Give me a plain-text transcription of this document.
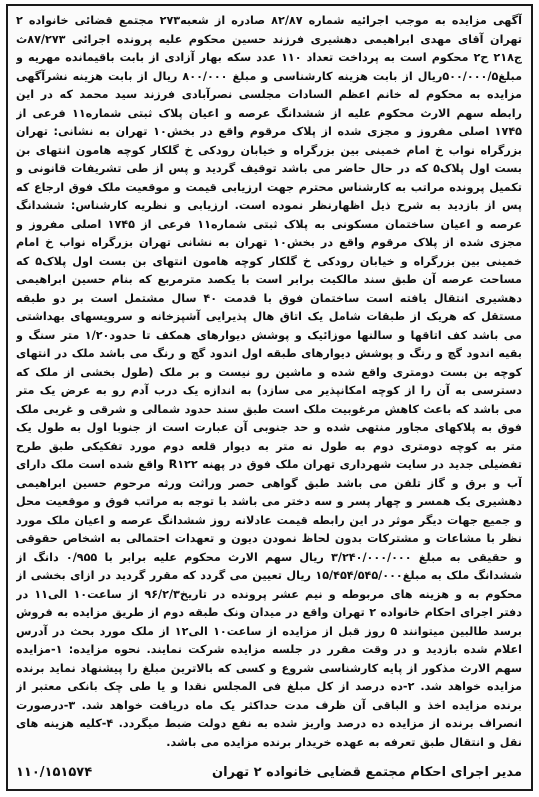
آگهی مزایده به موجب اجرائیه شماره ۸۲/۸۷ صادره از شعبه۲۷۳ مجتمع قضائی خانواده ۲ تهران آقای مهدی ابراهیمی دهشیری فرزند حسین محکوم علیه پرونده اجرائی ۸۷/۲۷۳ث ج۲۱۸ ح۲ محکوم است به پرداخت تعداد ۱۱۰ عدد سکه بهار آزادی از بابت باقیمانده مهریه و مبلغ۵۰۰/۰۰۰/۵ریال از بابت هزینه کارشناسی و مبلغ ۸۰۰/۰۰۰ ریال از بابت هزینه نشرآگهی مزایده به محکوم له خانم اعظم السادات مجلسی نصرآبادی فرزند سید محمد که در این رابطه سهم الارث محکوم علیه از ششدانگ عرصه و اعیان پلاک ثبتی شماره۱۱ فرعی از ۱۷۴۵ اصلی مفروز و مجزی شده از پلاک مرقوم واقع در بخش۱۰ تهران به نشانی: تهران بزرگراه نواب خ امام خمینی بین بزرگراه و خیابان رودکی خ گلکار کوچه هامون انتهای بن بست اول پلاک۵ که در حال حاضر می باشد توقیف گردید و پس از طی تشریفات قانونی و تکمیل پرونده مراتب به کارشناس محترم جهت ارزیابی قیمت و موقعیت ملک فوق ارجاع که پس از بازدید به شرح ذیل اظهارنظر نموده است. ارزیابی و نظریه کارشناس: ششدانگ عرصه و اعیان ساختمان مسکونی به پلاک ثبتی شماره۱۱ فرعی از ۱۷۴۵ اصلی مفروز و مجزی شده از پلاک مرقوم واقع در بخش۱۰ تهران به نشانی تهران بزرگراه نواب خ امام خمینی بین بزرگراه و خیابان رودکی خ گلکار کوچه هامون انتهای بن بست اول پلاک۵ که مساحت عرصه آن طبق سند مالکیت برابر است با یکصد مترمربع که بنام حسین ابراهیمی دهشیری انتقال یافته است ساختمان فوق با قدمت ۴۰ سال مشتمل است بر دو طبقه مستقل که هریک از طبقات شامل یک اتاق هال پذیرایی آشپزخانه و سرویسهای بهداشتی می باشد کف اتاقها و سالنها موزائیک و پوشش دیوارهای همکف تا حدود۱/۲۰ متر سنگ و بقیه اندود گچ و رنگ و پوشش دیوارهای طبقه اول اندود گچ و رنگ می باشد ملک در انتهای کوچه بن بست دومتری واقع شده و ماشین رو نیست و بر ملک (طول بخشی از ملک که دسترسی به آن را از کوچه امکانپذیر می سازد) به اندازه یک درب آدم رو به عرض یک متر می باشد که باعث کاهش مرغوبیت ملک است طبق سند حدود شمالی و شرقی و غربی ملک فوق به پلاکهای مجاور منتهی شده و حد جنوبی آن عبارت است از جنوبا اول به طول یک متر به کوچه دومتری دوم به طول نه متر به دیوار قلعه دوم مورد تفکیکی طبق طرح تفضیلی جدید در سایت شهرداری تهران ملک فوق در پهنه R۱۲۲ واقع شده است ملک دارای آب و برق و گاز تلفن می باشد طبق گواهی حصر وراثت ورثه مرحوم حسین ابراهیمی دهشیری یک همسر و چهار پسر و سه دختر می باشد با توجه به مراتب فوق و موقعیت محل و جمیع جهات دیگر موثر در این رابطه قیمت عادلانه روز ششدانگ عرصه و اعیان ملک مورد نظر با مشاعات و مشترکات بدون لحاظ نمودن دیون و تعهدات احتمالی به اشخاص حقوقی و حقیقی به مبلغ ۳/۲۴۰/۰۰۰/۰۰۰ ریال سهم الارث محکوم علیه برابر با ۰/۹۵۵ دانگ از ششدانگ ملک به مبلغ۱۵/۴۵۴/۵۴۵/۰۰۰ ریال تعیین می گردد که مقرر گردید در ازای بخشی از محکوم به و هزینه های مربوطه و نیم عشر پرونده در تاریخ۹۶/۲/۳ از ساعت۱۰ الی۱۱ در دفتر اجرای احکام خانواده ۲ تهران واقع در میدان ونک طبقه دوم از طریق مزایده به فروش برسد طالبین میتوانند ۵ روز قبل از مزایده از ساعت۱۰ الی۱۲ از ملک مورد بحث در آدرس اعلام شده بازدید و در وقت مقرر در جلسه مزایده شرکت نمایند. نحوه مزایده: ۱-مزایده سهم الارث مذکور از پایه کارشناسی شروع و کسی که بالاترین مبلغ را پیشنهاد نماید برنده مزایده خواهد شد. ۲-ده درصد از کل مبلغ فی المجلس نقدا و یا طی چک بانکی معتبر از برنده مزایده اخذ و الباقی آن ظرف مدت حداکثر یک ماه دریافت خواهد شد. ۳-درصورت انصراف برنده از مزایده ده درصد واریز شده به نفع دولت ضبط میگردد. ۴-کلیه هزینه های نقل و انتقال طبق تعرفه به عهده خریدار برنده مزایده می باشد.

مدیر اجرای احکام مجتمع قضایی خانواده ۲ تهران
۱۱۰/۱۵۱۵۷۴
